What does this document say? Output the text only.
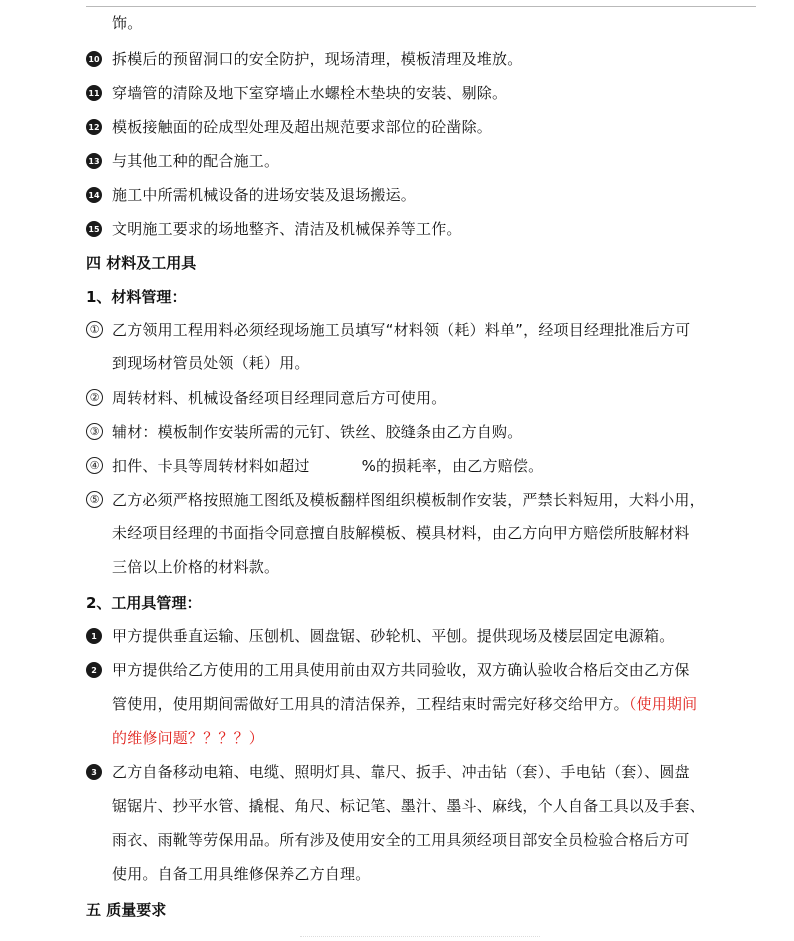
饰。
10 拆模后的预留洞口的安全防护，现场清理，模板清理及堆放。
11 穿墙管的清除及地下室穿墙止水螺栓木垫块的安装、剔除。
12 模板接触面的砼成型处理及超出规范要求部位的砼凿除。
13 与其他工种的配合施工。
14 施工中所需机械设备的进场安装及退场搬运。
15 文明施工要求的场地整齐、清洁及机械保养等工作。
四 材料及工用具
1、材料管理：
① 乙方领用工程用料必须经现场施工员填写“材料领（耗）料单”，经项目经理批准后方可
到现场材管员处领（耗）用。
② 周转材料、机械设备经项目经理同意后方可使用。
③ 辅材：模板制作安装所需的元钉、铁丝、胶缝条由乙方自购。
④ 扣件、卡具等周转材料如超过	%的损耗率，由乙方赔偿。
⑤ 乙方必须严格按照施工图纸及模板翻样图组织模板制作安装，严禁长料短用，大料小用，
未经项目经理的书面指令同意擅自肢解模板、模具材料，由乙方向甲方赔偿所肢解材料
三倍以上价格的材料款。
2、工用具管理：
1	甲方提供垂直运输、压刨机、圆盘锯、砂轮机、平刨。提供现场及楼层固定电源箱。
2	甲方提供给乙方使用的工用具使用前由双方共同验收，双方确认验收合格后交由乙方保
管使用，使用期间需做好工用具的清洁保养，工程结束时需完好移交给甲方。（使用期间
的维修问题？？？？）
3	乙方自备移动电箱、电缆、照明灯具、靠尺、扳手、冲击钻（套）、手电钻（套）、圆盘
锯锯片、抄平水管、撬棍、角尺、标记笔、墨汁、墨斗、麻线，个人自备工具以及手套、
雨衣、雨靴等劳保用品。所有涉及使用安全的工用具须经项目部安全员检验合格后方可
使用。自备工用具维修保养乙方自理。
五 质量要求
